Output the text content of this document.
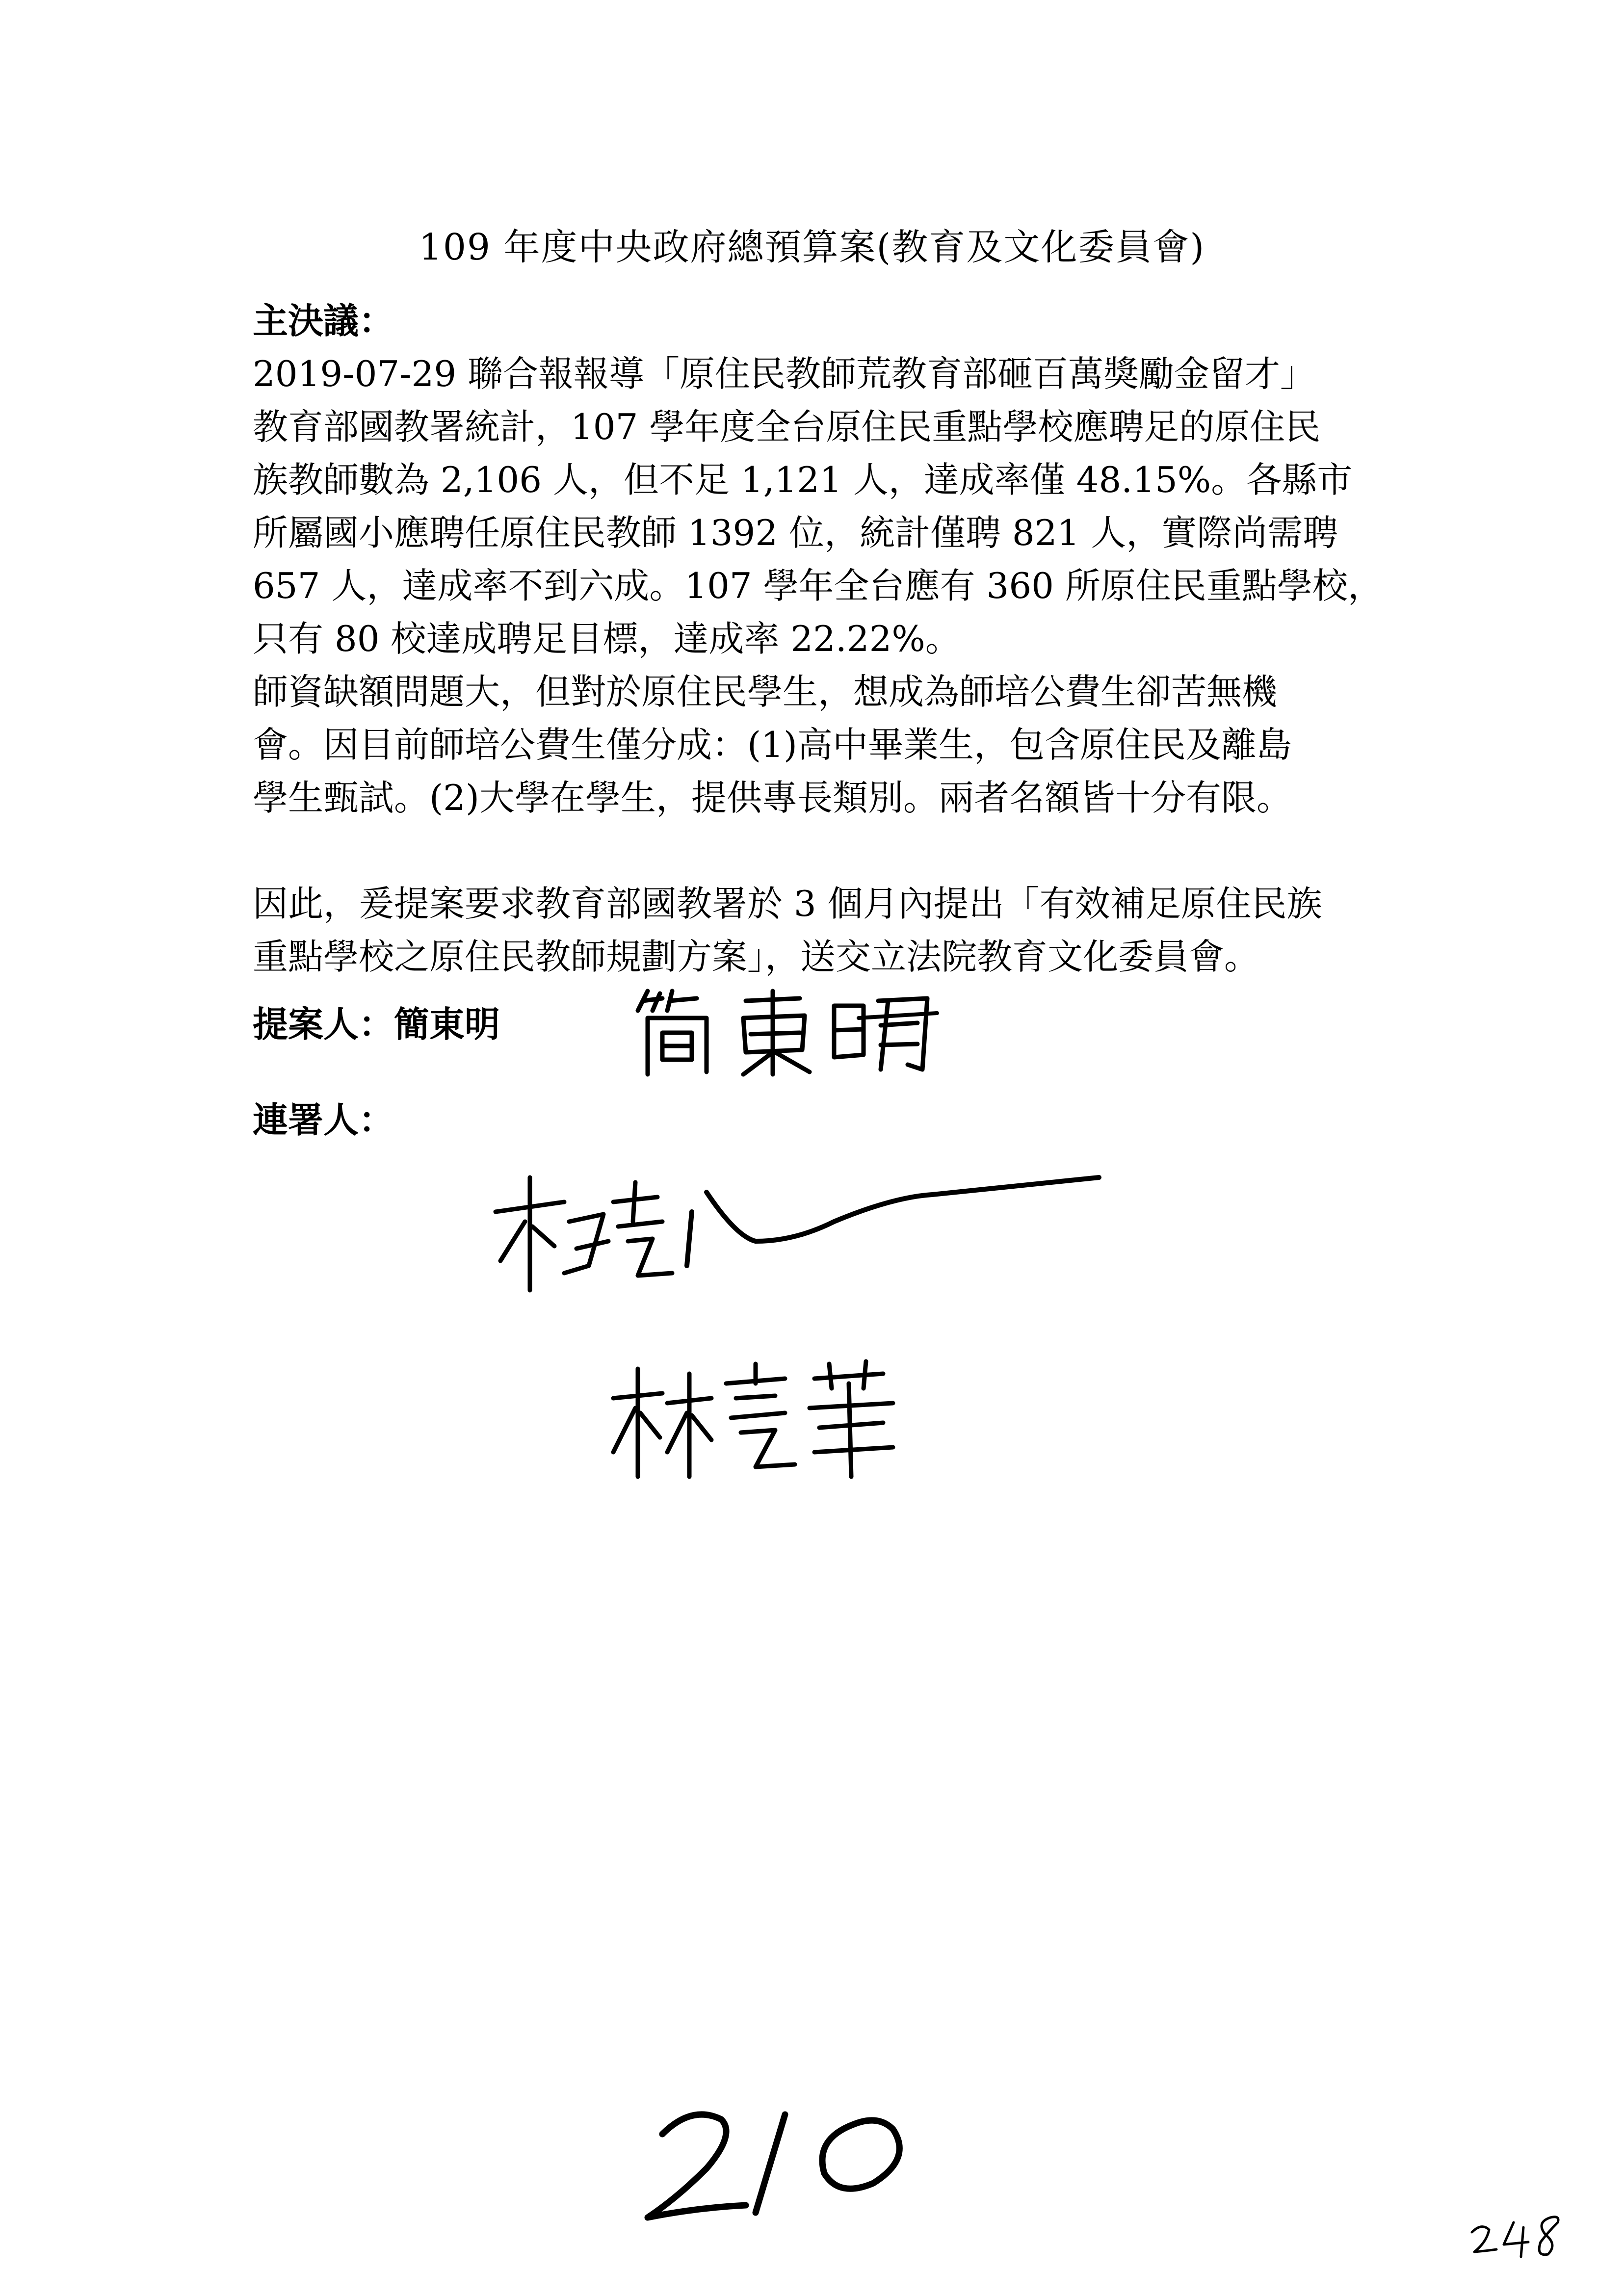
109 年度中央政府總預算案(教育及文化委員會)
主決議：
2019-07-29 聯合報報導「原住民教師荒教育部砸百萬獎勵金留才」
教育部國教署統計，107 學年度全台原住民重點學校應聘足的原住民
族教師數為 2,106 人，但不足 1,121 人，達成率僅 48.15%。各縣市
所屬國小應聘任原住民教師 1392 位，統計僅聘 821 人，實際尚需聘
657 人，達成率不到六成。107 學年全台應有 360 所原住民重點學校，
只有 80 校達成聘足目標，達成率 22.22%。
師資缺額問題大，但對於原住民學生，想成為師培公費生卻苦無機
會。因目前師培公費生僅分成：(1)高中畢業生，包含原住民及離島
學生甄試。(2)大學在學生，提供專長類別。兩者名額皆十分有限。
因此，爰提案要求教育部國教署於 3 個月內提出「有效補足原住民族
重點學校之原住民教師規劃方案」，送交立法院教育文化委員會。
提案人：簡東明
連署人：
